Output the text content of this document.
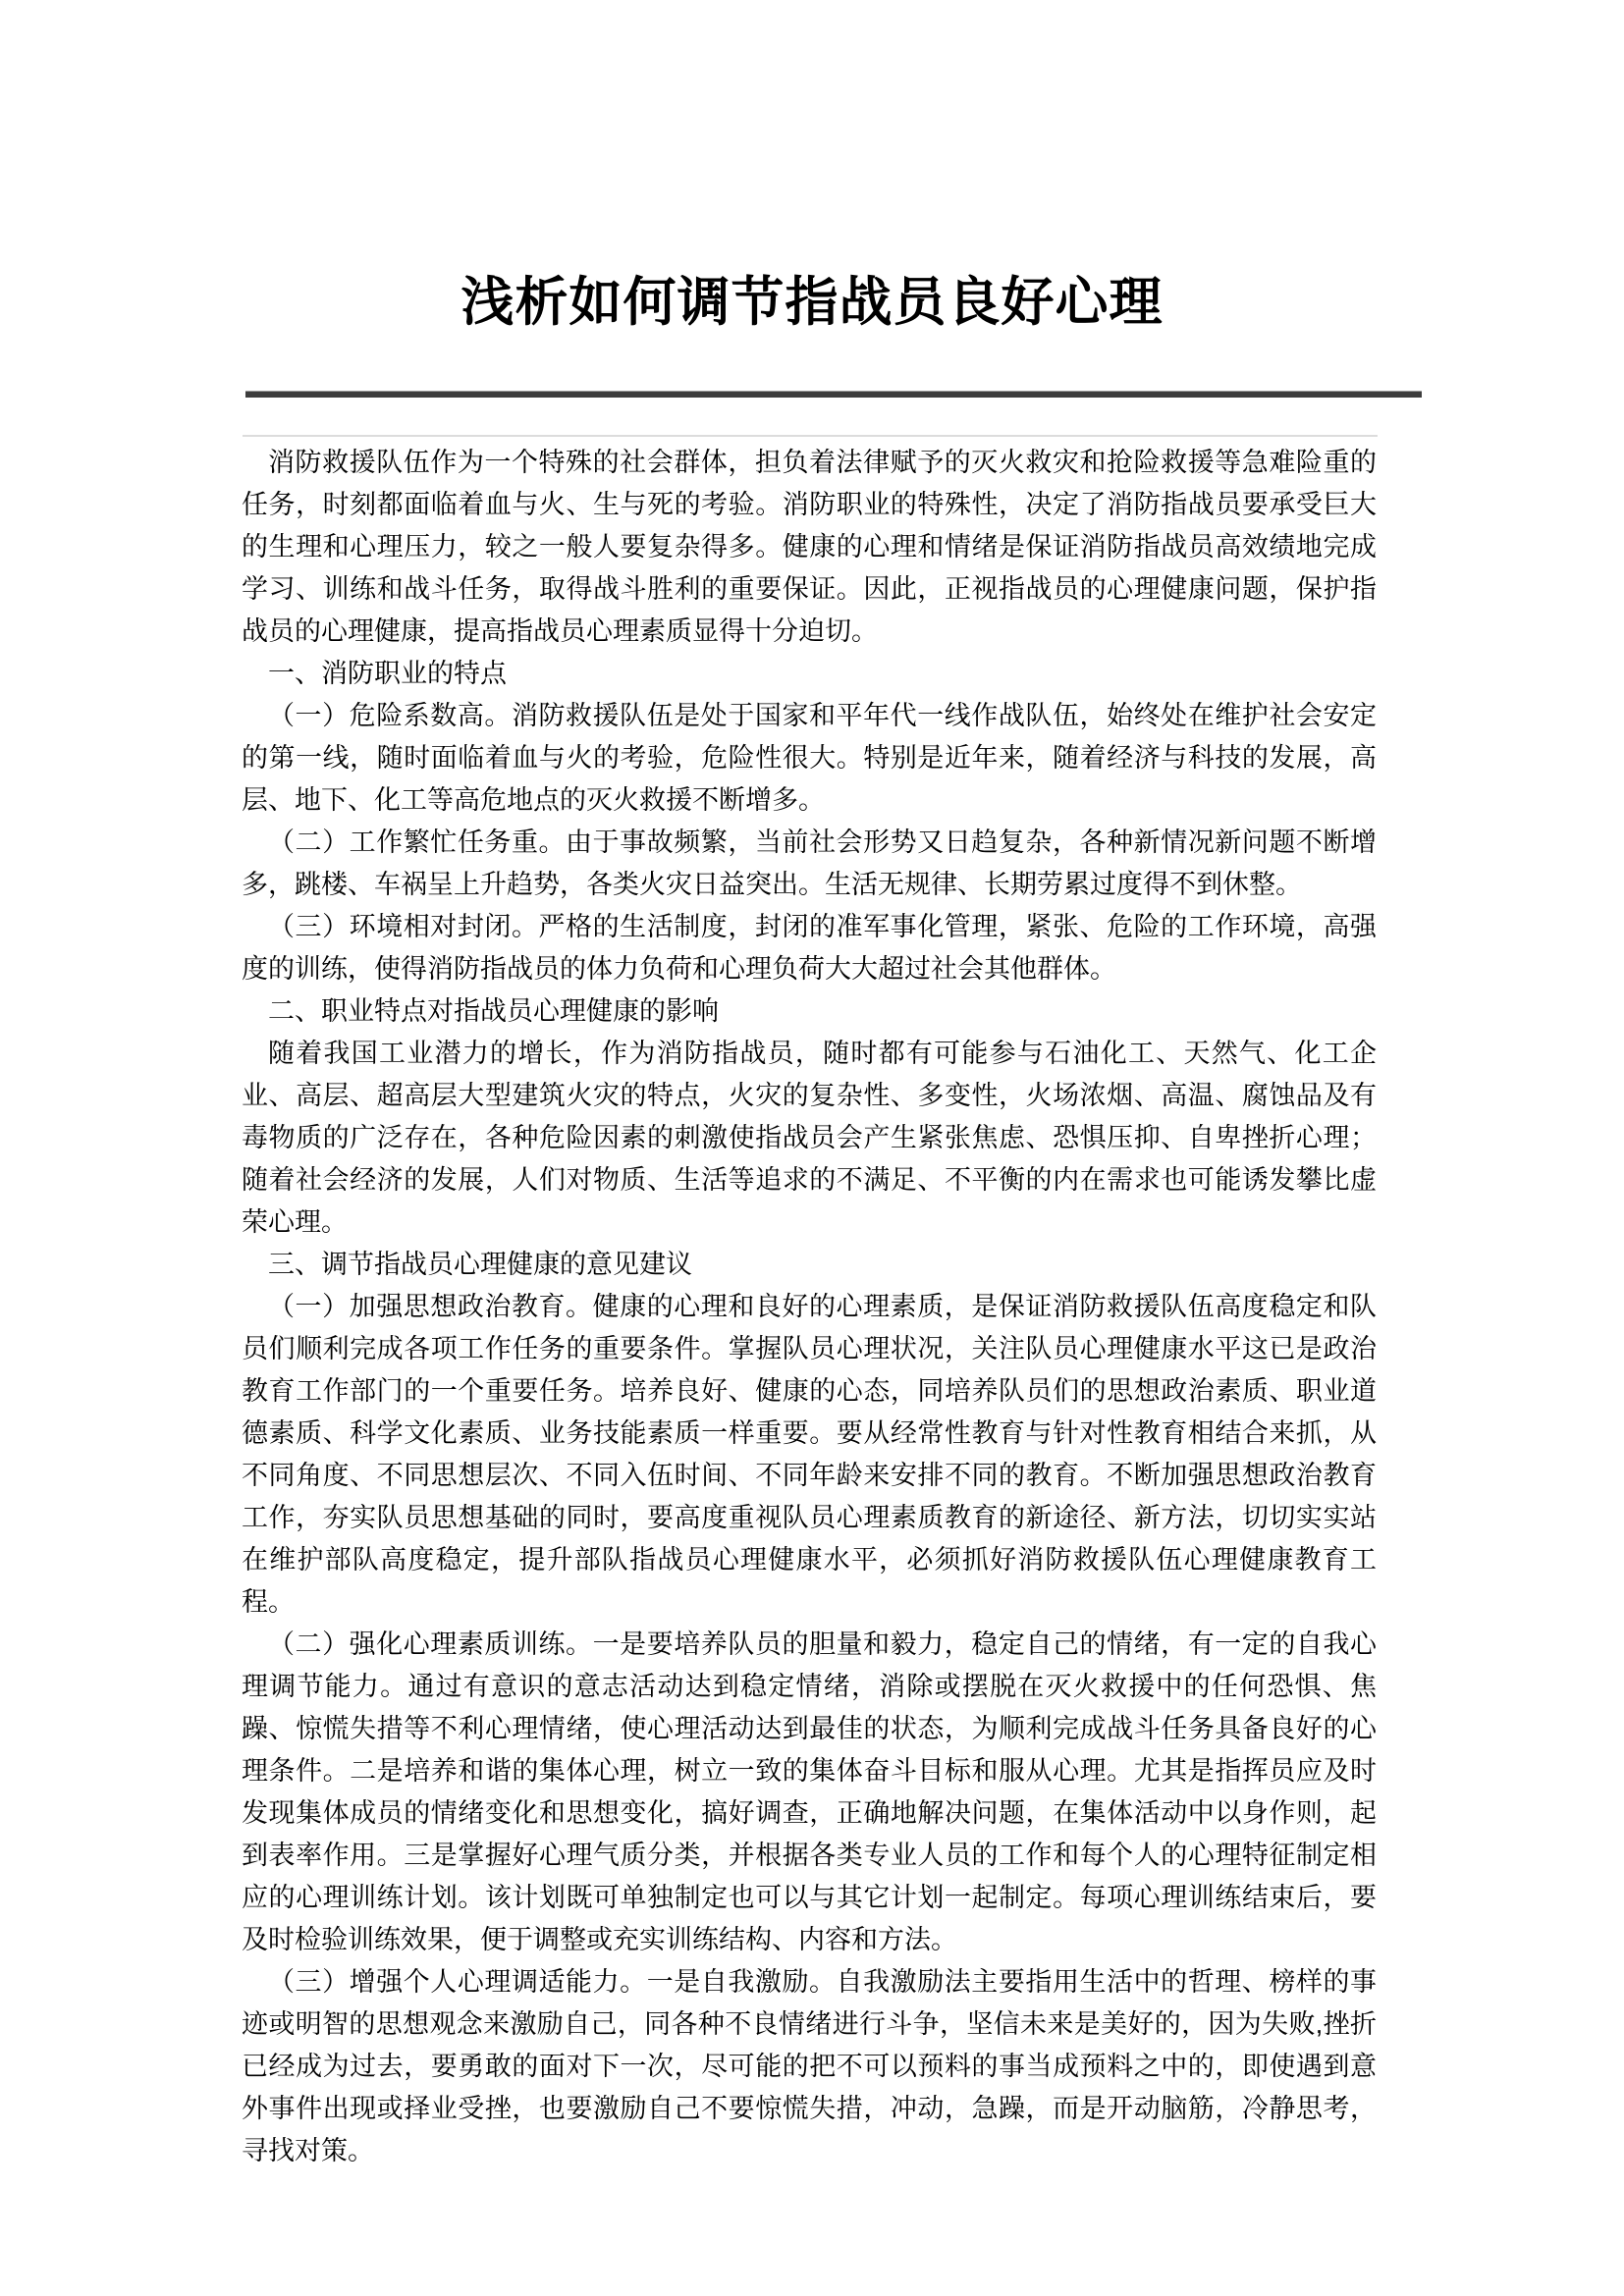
浅析如何调节指战员良好心理

消防救援队伍作为一个特殊的社会群体，担负着法律赋予的灭火救灾和抢险救援等急难险重的任务，时刻都面临着血与火、生与死的考验。消防职业的特殊性，决定了消防指战员要承受巨大的生理和心理压力，较之一般人要复杂得多。健康的心理和情绪是保证消防指战员高效绩地完成学习、训练和战斗任务，取得战斗胜利的重要保证。因此，正视指战员的心理健康问题，保护指战员的心理健康，提高指战员心理素质显得十分迫切。

一、消防职业的特点

（一）危险系数高。消防救援队伍是处于国家和平年代一线作战队伍，始终处在维护社会安定的第一线，随时面临着血与火的考验，危险性很大。特别是近年来，随着经济与科技的发展，高层、地下、化工等高危地点的灭火救援不断增多。

（二）工作繁忙任务重。由于事故频繁，当前社会形势又日趋复杂，各种新情况新问题不断增多，跳楼、车祸呈上升趋势，各类火灾日益突出。生活无规律、长期劳累过度得不到休整。

（三）环境相对封闭。严格的生活制度，封闭的准军事化管理，紧张、危险的工作环境，高强度的训练，使得消防指战员的体力负荷和心理负荷大大超过社会其他群体。

二、职业特点对指战员心理健康的影响

随着我国工业潜力的增长，作为消防指战员，随时都有可能参与石油化工、天然气、化工企业、高层、超高层大型建筑火灾的特点，火灾的复杂性、多变性，火场浓烟、高温、腐蚀品及有毒物质的广泛存在，各种危险因素的刺激使指战员会产生紧张焦虑、恐惧压抑、自卑挫折心理；随着社会经济的发展，人们对物质、生活等追求的不满足、不平衡的内在需求也可能诱发攀比虚荣心理。

三、调节指战员心理健康的意见建议

（一）加强思想政治教育。健康的心理和良好的心理素质，是保证消防救援队伍高度稳定和队员们顺利完成各项工作任务的重要条件。掌握队员心理状况，关注队员心理健康水平这已是政治教育工作部门的一个重要任务。培养良好、健康的心态，同培养队员们的思想政治素质、职业道德素质、科学文化素质、业务技能素质一样重要。要从经常性教育与针对性教育相结合来抓，从不同角度、不同思想层次、不同入伍时间、不同年龄来安排不同的教育。不断加强思想政治教育工作，夯实队员思想基础的同时，要高度重视队员心理素质教育的新途径、新方法，切切实实站在维护部队高度稳定，提升部队指战员心理健康水平，必须抓好消防救援队伍心理健康教育工程。

（二）强化心理素质训练。一是要培养队员的胆量和毅力，稳定自己的情绪，有一定的自我心理调节能力。通过有意识的意志活动达到稳定情绪，消除或摆脱在灭火救援中的任何恐惧、焦躁、惊慌失措等不利心理情绪，使心理活动达到最佳的状态，为顺利完成战斗任务具备良好的心理条件。二是培养和谐的集体心理，树立一致的集体奋斗目标和服从心理。尤其是指挥员应及时发现集体成员的情绪变化和思想变化，搞好调查，正确地解决问题，在集体活动中以身作则，起到表率作用。三是掌握好心理气质分类，并根据各类专业人员的工作和每个人的心理特征制定相应的心理训练计划。该计划既可单独制定也可以与其它计划一起制定。每项心理训练结束后，要及时检验训练效果，便于调整或充实训练结构、内容和方法。

（三）增强个人心理调适能力。一是自我激励。自我激励法主要指用生活中的哲理、榜样的事迹或明智的思想观念来激励自己，同各种不良情绪进行斗争，坚信未来是美好的，因为失败,挫折已经成为过去，要勇敢的面对下一次，尽可能的把不可以预料的事当成预料之中的，即使遇到意外事件出现或择业受挫，也要激励自己不要惊慌失措，冲动，急躁，而是开动脑筋，冷静思考，寻找对策。
